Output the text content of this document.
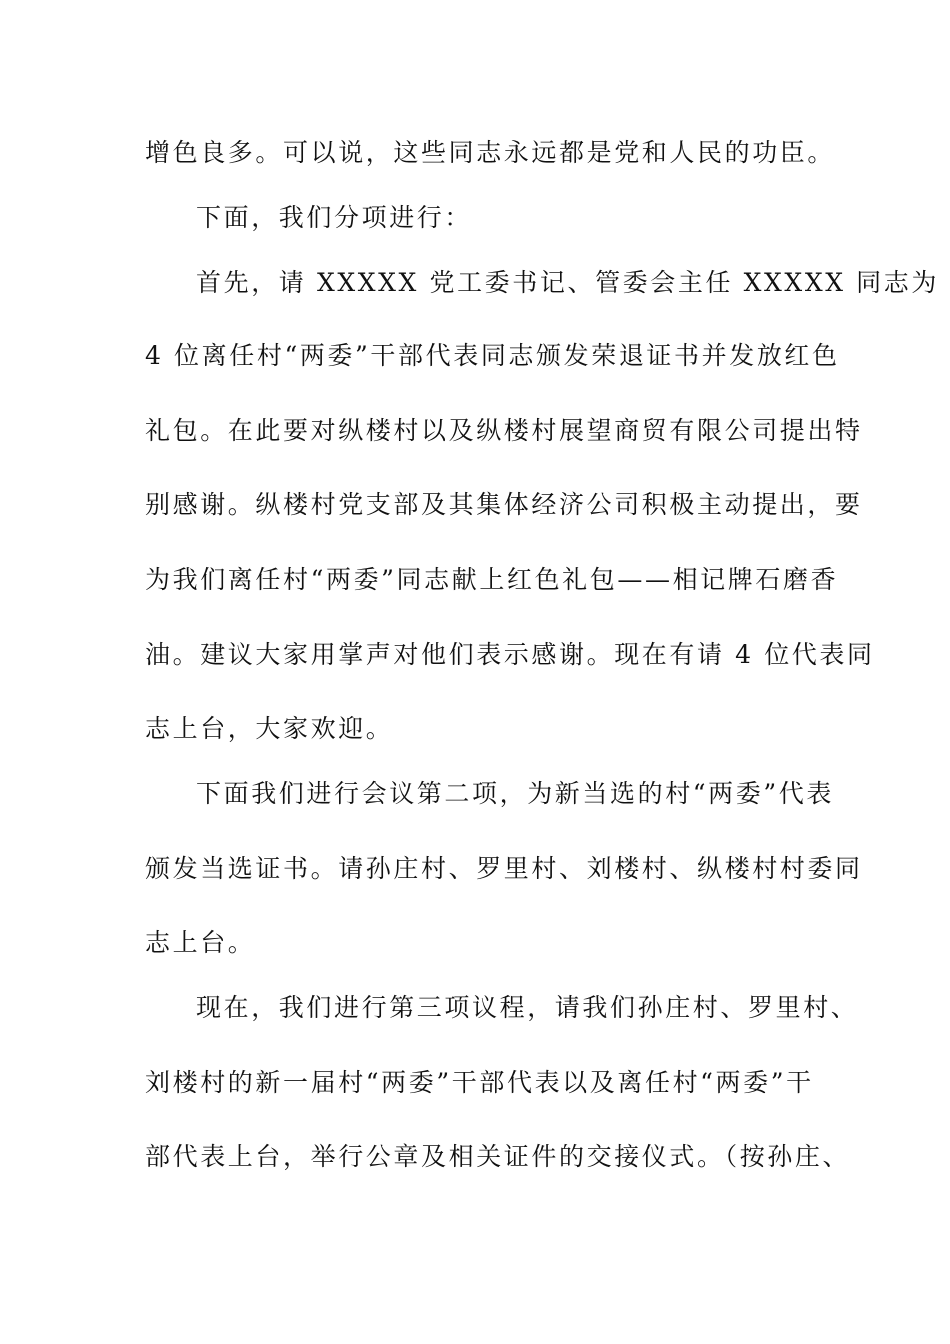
增色良多。可以说，这些同志永远都是党和人民的功臣。
下面，我们分项进行：
首先，请 XXXXX 党工委书记、管委会主任 XXXXX 同志为
4 位离任村“两委”干部代表同志颁发荣退证书并发放红色
礼包。在此要对纵楼村以及纵楼村展望商贸有限公司提出特
别感谢。纵楼村党支部及其集体经济公司积极主动提出，要
为我们离任村“两委”同志献上红色礼包——相记牌石磨香
油。建议大家用掌声对他们表示感谢。现在有请 4 位代表同
志上台，大家欢迎。
下面我们进行会议第二项，为新当选的村“两委”代表
颁发当选证书。请孙庄村、罗里村、刘楼村、纵楼村村委同
志上台。
现在，我们进行第三项议程，请我们孙庄村、罗里村、
刘楼村的新一届村“两委”干部代表以及离任村“两委”干
部代表上台，举行公章及相关证件的交接仪式。（按孙庄、
